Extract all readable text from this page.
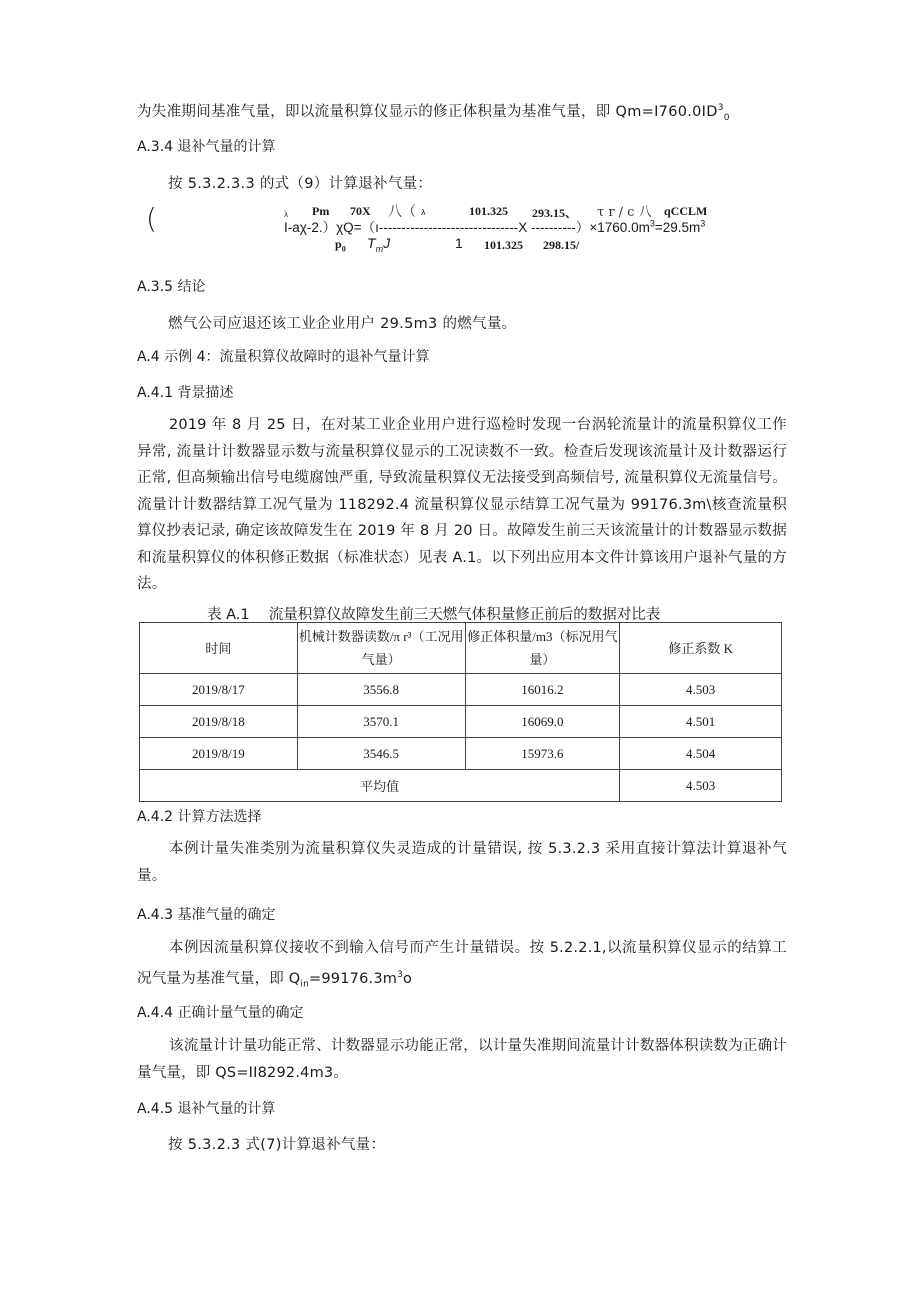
为失准期间基准气量，即以流量积算仪显示的修正体积量为基准气量，即 $Qm=I760.0ID^3_0$
A.3.4 退补气量的计算
按 5.3.2.3.3 的式（9）计算退补气量：
(	λ Pm 70X 八（ λ	101.325 293.15、 τ r / c 八 qCCLM
I-aχ-2.）χQ=（ı-------------------------------X $----------)\times 1760.0m^3=29.5m^3$
$p_0$ $T_mJ$	1 101.325 298.15/
A.3.5 结论
燃气公司应退还该工业企业用户 29.5m3 的燃气量。
A.4 示例 4：流量积算仪故障时的退补气量计算
A.4.1 背景描述
2019 年 8 月 25 日，在对某工业企业用户进行巡检时发现一台涡轮流量计的流量积算仪工作异常, 流量计计数器显示数与流量积算仪显示的工况读数不一致。检查后发现该流量计及计数器运行正常, 但高频输出信号电缆腐蚀严重, 导致流量积算仪无法接受到高频信号, 流量积算仪无流量信号。流量计计数器结算工况气量为 118292.4 流量积算仪显示结算工况气量为 99176.3m\核查流量积算仪抄表记录, 确定该故障发生在 2019 年 8 月 20 日。故障发生前三天该流量计的计数器显示数据和流量积算仪的体积修正数据（标准状态）见表 A.1。以下列出应用本文件计算该用户退补气量的方法。
表 A.1　 流量积算仪故障发生前三天燃气体积量修正前后的数据对比表
时间	机械计数器读数/π r³（工况用气量）	修正体积量/m3（标况用气量）	修正系数 K
2019/8/17	3556.8	16016.2	4.503
2019/8/18	3570.1	16069.0	4.501
2019/8/19	3546.5	15973.6	4.504
平均值			4.503
A.4.2 计算方法选择
本例计量失准类别为流量积算仪失灵造成的计量错误, 按 5.3.2.3 采用直接计算法计算退补气量。
A.4.3 基准气量的确定
本例因流量积算仪接收不到输入信号而产生计量错误。按 5.2.2.1,以流量积算仪显示的结算工况气量为基准气量，即 $Q_{in}=99176.3m^3o$
A.4.4 正确计量气量的确定
该流量计计量功能正常、计数器显示功能正常，以计量失准期间流量计计数器体积读数为正确计量气量，即 QS=II8292.4m3。
A.4.5 退补气量的计算
按 5.3.2.3 式(7)计算退补气量：
